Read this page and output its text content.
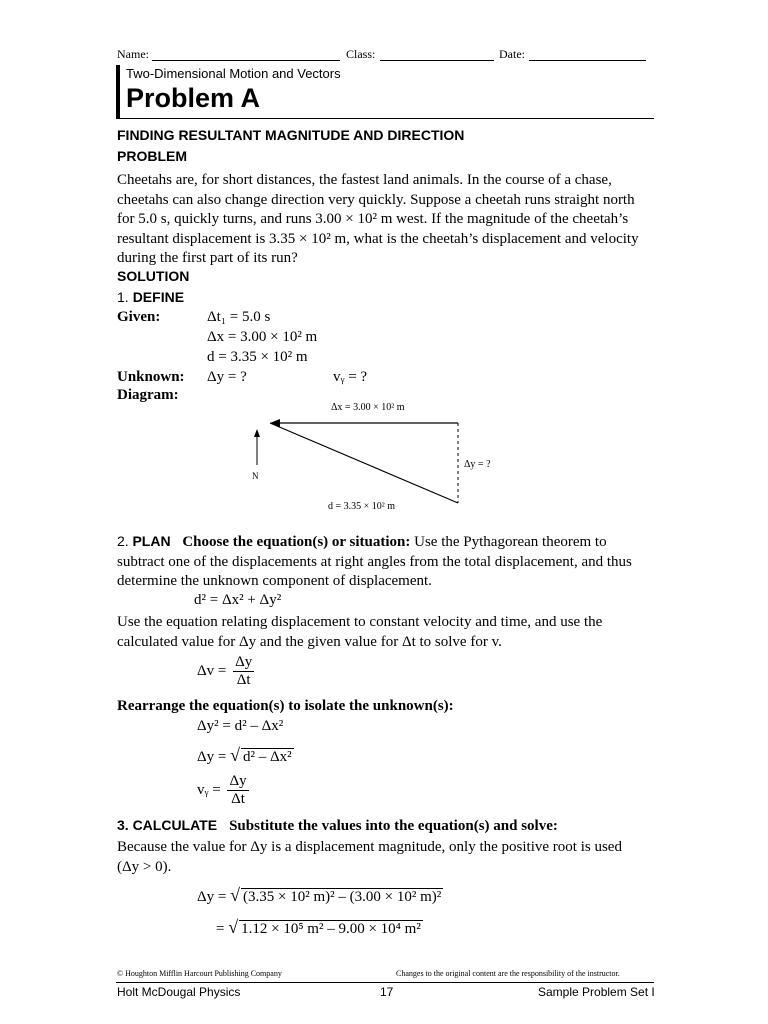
Name:	Class:	Date:
Two-Dimensional Motion and Vectors
Problem A
FINDING RESULTANT MAGNITUDE AND DIRECTION
PROBLEM
Cheetahs are, for short distances, the fastest land animals. In the course of a chase, cheetahs can also change direction very quickly. Suppose a cheetah runs straight north for 5.0 s, quickly turns, and runs 3.00 × 10² m west. If the magnitude of the cheetah’s resultant displacement is 3.35 × 10² m, what is the cheetah’s displacement and velocity during the first part of its run?
SOLUTION
1. DEFINE
Given:	Δt₁ = 5.0 s
Δx = 3.00 × 10² m
d = 3.35 × 10² m
Unknown: Δy = ?	vᵧ = ?
Diagram:
Δx = 3.00 × 10² m
Δy = ?
d = 3.35 × 10² m
N
2. PLAN Choose the equation(s) or situation: Use the Pythagorean theorem to subtract one of the displacements at right angles from the total displacement, and thus determine the unknown component of displacement.
d² = Δx² + Δy²
Use the equation relating displacement to constant velocity and time, and use the calculated value for Δy and the given value for Δt to solve for v.
$\Delta v = \frac{\Delta y}{\Delta t}$
Rearrange the equation(s) to isolate the unknown(s):
Δy² = d² – Δx²
Δy = √ d² – Δx²
vᵧ = $\frac{\Delta y}{\Delta t}$
3. CALCULATE Substitute the values into the equation(s) and solve:
Because the value for Δy is a displacement magnitude, only the positive root is used (Δy > 0).
Δy = √ (3.35 × 10² m)² – (3.00 × 10² m)²
= √ 1.12 × 10⁵ m² – 9.00 × 10⁴ m²
© Houghton Mifflin Harcourt Publishing Company	Changes to the original content are the responsibility of the instructor.
Holt McDougal Physics	17	Sample Problem Set I
